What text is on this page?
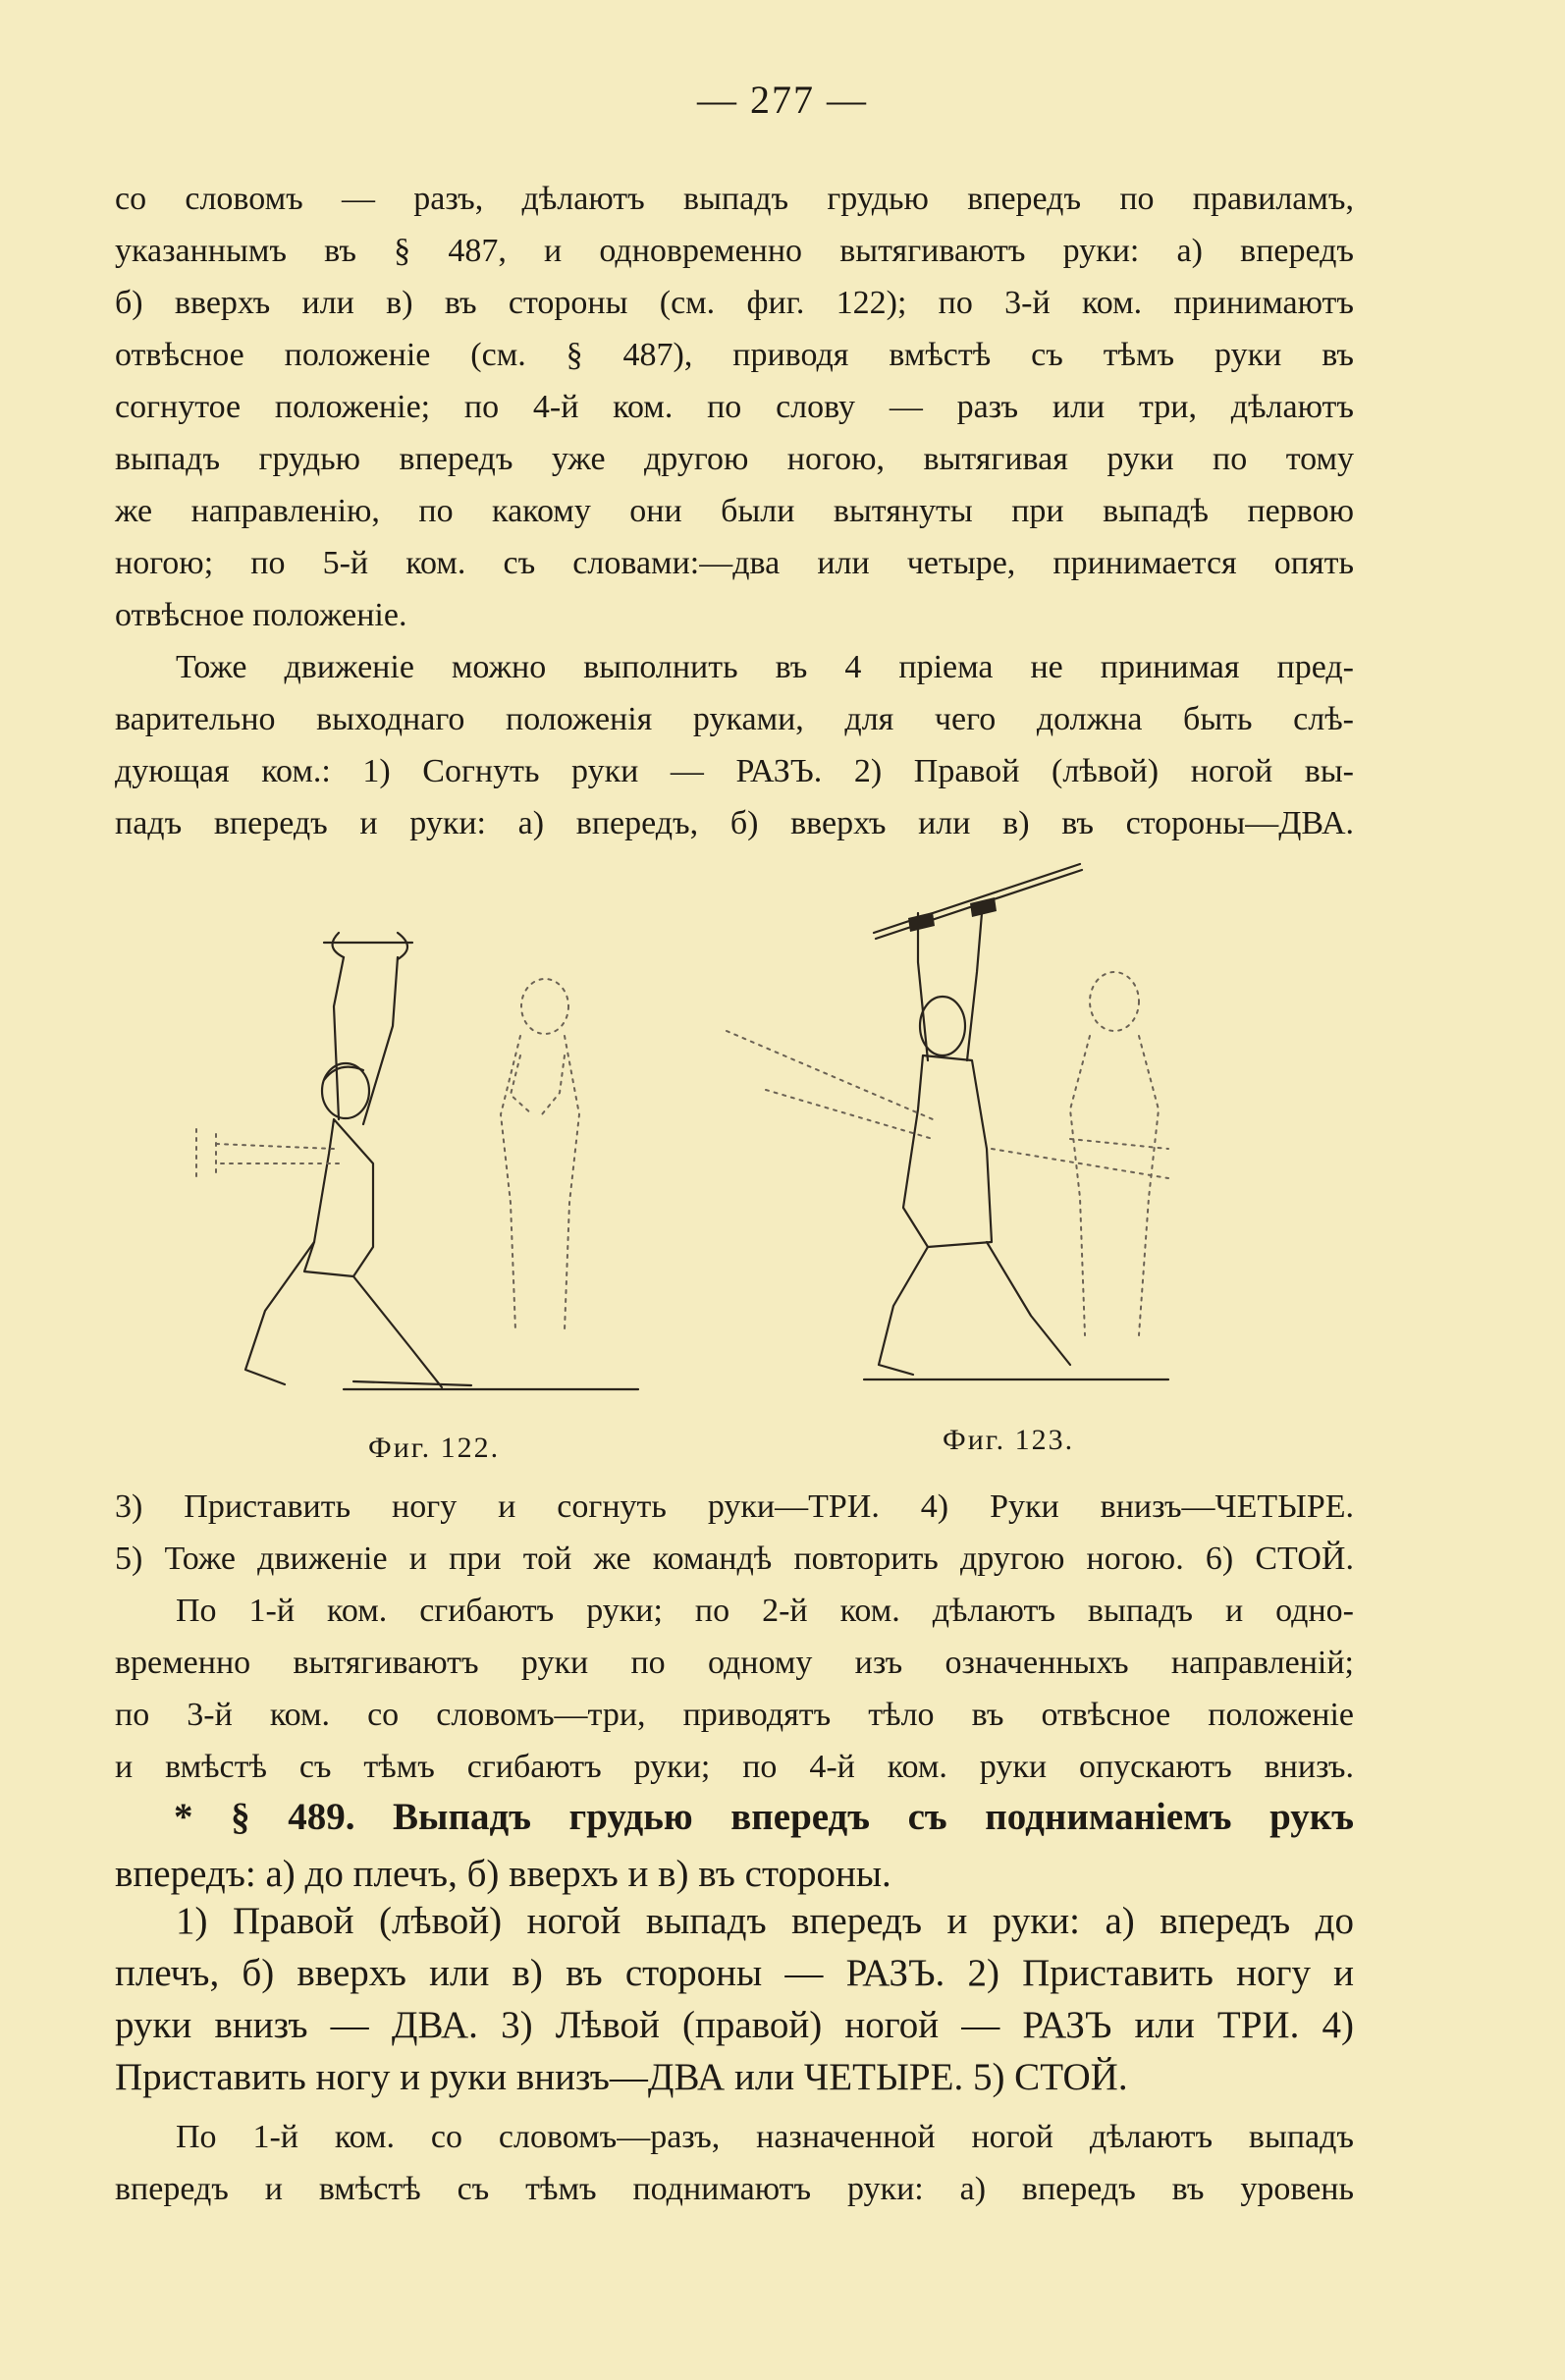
— 277 —
со словомъ — разъ, дѣлаютъ выпадъ грудью впередъ по правиламъ,
указаннымъ въ § 487, и одновременно вытягиваютъ руки: а) впередъ
б) вверхъ или в) въ стороны (см. фиг. 122); по 3-й ком. принимаютъ
отвѣсное положеніе (см. § 487), приводя вмѣстѣ съ тѣмъ руки въ
согнутое положеніе; по 4-й ком. по слову — разъ или три, дѣлаютъ
выпадъ грудью впередъ уже другою ногою, вытягивая руки по тому
же направленію, по какому они были вытянуты при выпадѣ первою
ногою; по 5-й ком. съ словами:—два или четыре, принимается опять
отвѣсное положеніе.
Тоже движеніе можно выполнить въ 4 пріема не принимая пред-
варительно выходнаго положенія руками, для чего должна быть слѣ-
дующая ком.: 1) Согнуть руки — РАЗЪ. 2) Правой (лѣвой) ногой вы-
падъ впередъ и руки: а) впередъ, б) вверхъ или в) въ стороны—ДВА.
Фиг. 122.	Фиг. 123.
3) Приставить ногу и согнуть руки—ТРИ. 4) Руки внизъ—ЧЕТЫРЕ.
5) Тоже движеніе и при той же командѣ повторить другою ногою. 6) СТОЙ.
По 1-й ком. сгибаютъ руки; по 2-й ком. дѣлаютъ выпадъ и одно-
временно вытягиваютъ руки по одному изъ означенныхъ направленій;
по 3-й ком. со словомъ—три, приводятъ тѣло въ отвѣсное положеніе
и вмѣстѣ съ тѣмъ сгибаютъ руки; по 4-й ком. руки опускаютъ внизъ.
* § 489. Выпадъ грудью впередъ съ подниманіемъ рукъ
впередъ: а) до плечъ, б) вверхъ и в) въ стороны.
1) Правой (лѣвой) ногой выпадъ впередъ и руки: а) впередъ до
плечъ, б) вверхъ или в) въ стороны — РАЗЪ. 2) Приставить ногу и
руки внизъ — ДВА. 3) Лѣвой (правой) ногой — РАЗЪ или ТРИ. 4)
Приставить ногу и руки внизъ—ДВА или ЧЕТЫРЕ. 5) СТОЙ.
По 1-й ком. со словомъ—разъ, назначенной ногой дѣлаютъ выпадъ
впередъ и вмѣстѣ съ тѣмъ поднимаютъ руки: а) впередъ въ уровень
